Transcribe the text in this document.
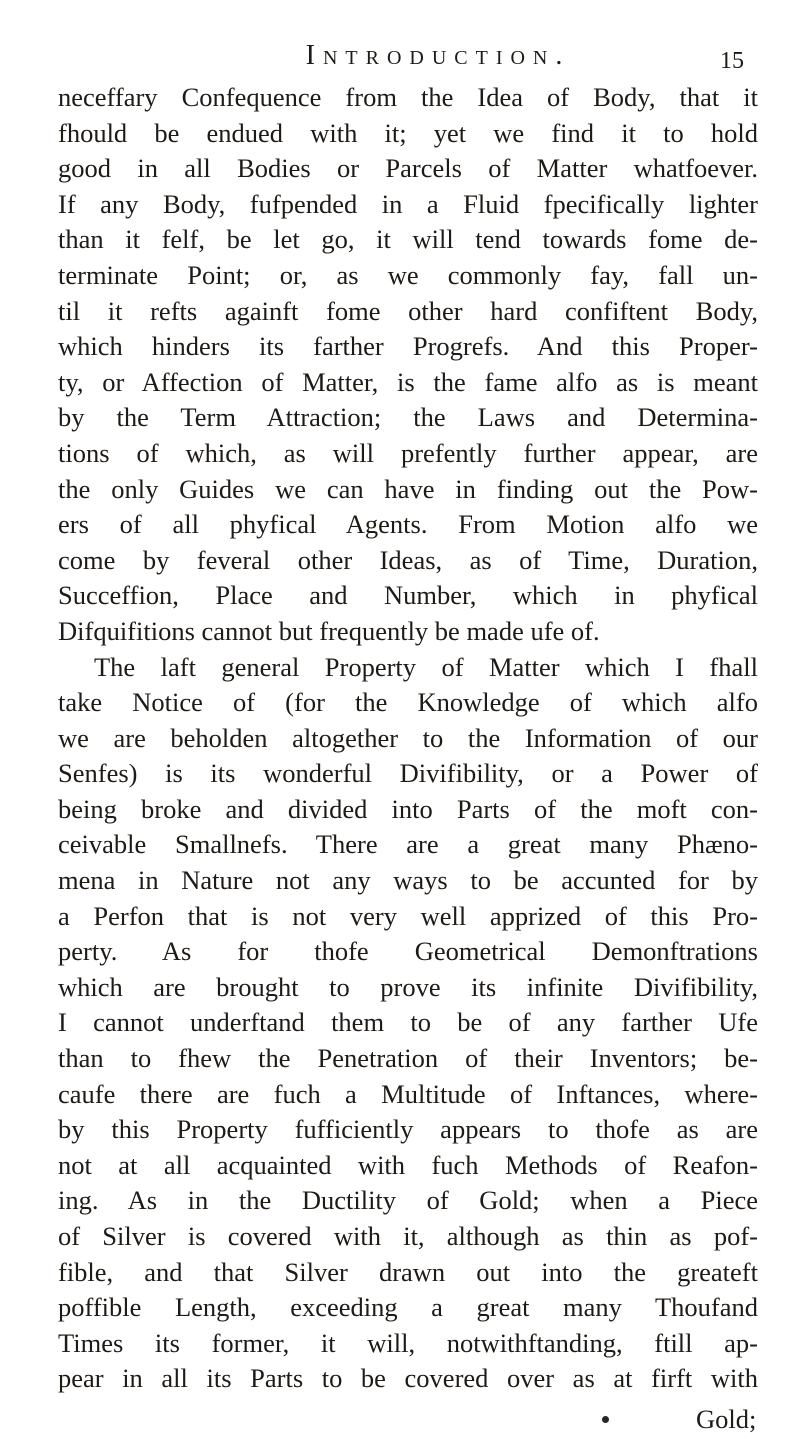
Introduction.	15
neceffary Confequence from the Idea of Body, that it
fhould be endued with it; yet we find it to hold
good in all Bodies or Parcels of Matter whatfoever.
If any Body, fufpended in a Fluid fpecifically lighter
than it felf, be let go, it will tend towards fome de-
terminate Point; or, as we commonly fay, fall un-
til it refts againft fome other hard confiftent Body,
which hinders its farther Progrefs. And this Proper-
ty, or Affection of Matter, is the fame alfo as is meant
by the Term Attraction; the Laws and Determina-
tions of which, as will prefently further appear, are
the only Guides we can have in finding out the Pow-
ers of all phyfical Agents. From Motion alfo we
come by feveral other Ideas, as of Time, Duration,
Succeffion, Place and Number, which in phyfical
Difquifitions cannot but frequently be made ufe of.
The laft general Property of Matter which I fhall
take Notice of (for the Knowledge of which alfo
we are beholden altogether to the Information of our
Senfes) is its wonderful Divifibility, or a Power of
being broke and divided into Parts of the moft con-
ceivable Smallnefs. There are a great many Phæno-
mena in Nature not any ways to be accunted for by
a Perfon that is not very well apprized of this Pro-
perty. As for thofe Geometrical Demonftrations
which are brought to prove its infinite Divifibility,
I cannot underftand them to be of any farther Ufe
than to fhew the Penetration of their Inventors; be-
caufe there are fuch a Multitude of Inftances, where-
by this Property fufficiently appears to thofe as are
not at all acquainted with fuch Methods of Reafon-
ing. As in the Ductility of Gold; when a Piece
of Silver is covered with it, although as thin as pof-
fible, and that Silver drawn out into the greateft
poffible Length, exceeding a great many Thoufand
Times its former, it will, notwithftanding, ftill ap-
pear in all its Parts to be covered over as at firft with
Gold;
